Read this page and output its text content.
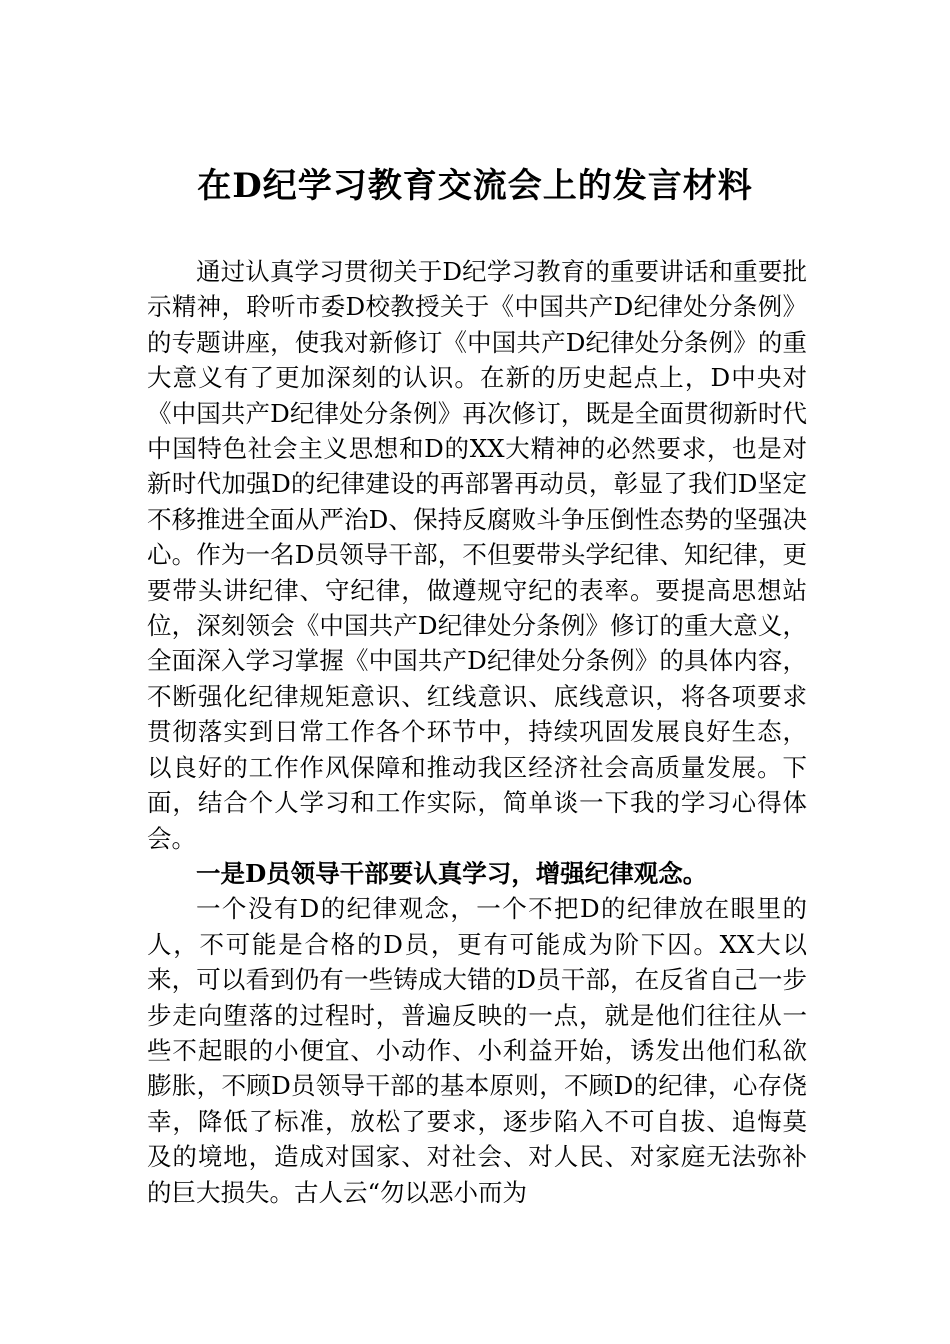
在D纪学习教育交流会上的发言材料

通过认真学习贯彻关于D纪学习教育的重要讲话和重要批示精神，聆听市委D校教授关于《中国共产D纪律处分条例》的专题讲座，使我对新修订《中国共产D纪律处分条例》的重大意义有了更加深刻的认识。在新的历史起点上，D中央对《中国共产D纪律处分条例》再次修订，既是全面贯彻新时代中国特色社会主义思想和D的XX大精神的必然要求，也是对新时代加强D的纪律建设的再部署再动员，彰显了我们D坚定不移推进全面从严治D、保持反腐败斗争压倒性态势的坚强决心。作为一名D员领导干部，不但要带头学纪律、知纪律，更要带头讲纪律、守纪律，做遵规守纪的表率。要提高思想站位，深刻领会《中国共产D纪律处分条例》修订的重大意义，全面深入学习掌握《中国共产D纪律处分条例》的具体内容，不断强化纪律规矩意识、红线意识、底线意识，将各项要求贯彻落实到日常工作各个环节中，持续巩固发展良好生态，以良好的工作作风保障和推动我区经济社会高质量发展。下面，结合个人学习和工作实际，简单谈一下我的学习心得体会。

一是D员领导干部要认真学习，增强纪律观念。

一个没有D的纪律观念，一个不把D的纪律放在眼里的人，不可能是合格的D员，更有可能成为阶下囚。XX大以来，可以看到仍有一些铸成大错的D员干部，在反省自己一步步走向堕落的过程时，普遍反映的一点，就是他们往往从一些不起眼的小便宜、小动作、小利益开始，诱发出他们私欲膨胀，不顾D员领导干部的基本原则，不顾D的纪律，心存侥幸，降低了标准，放松了要求，逐步陷入不可自拔、追悔莫及的境地，造成对国家、对社会、对人民、对家庭无法弥补的巨大损失。古人云“勿以恶小而为
